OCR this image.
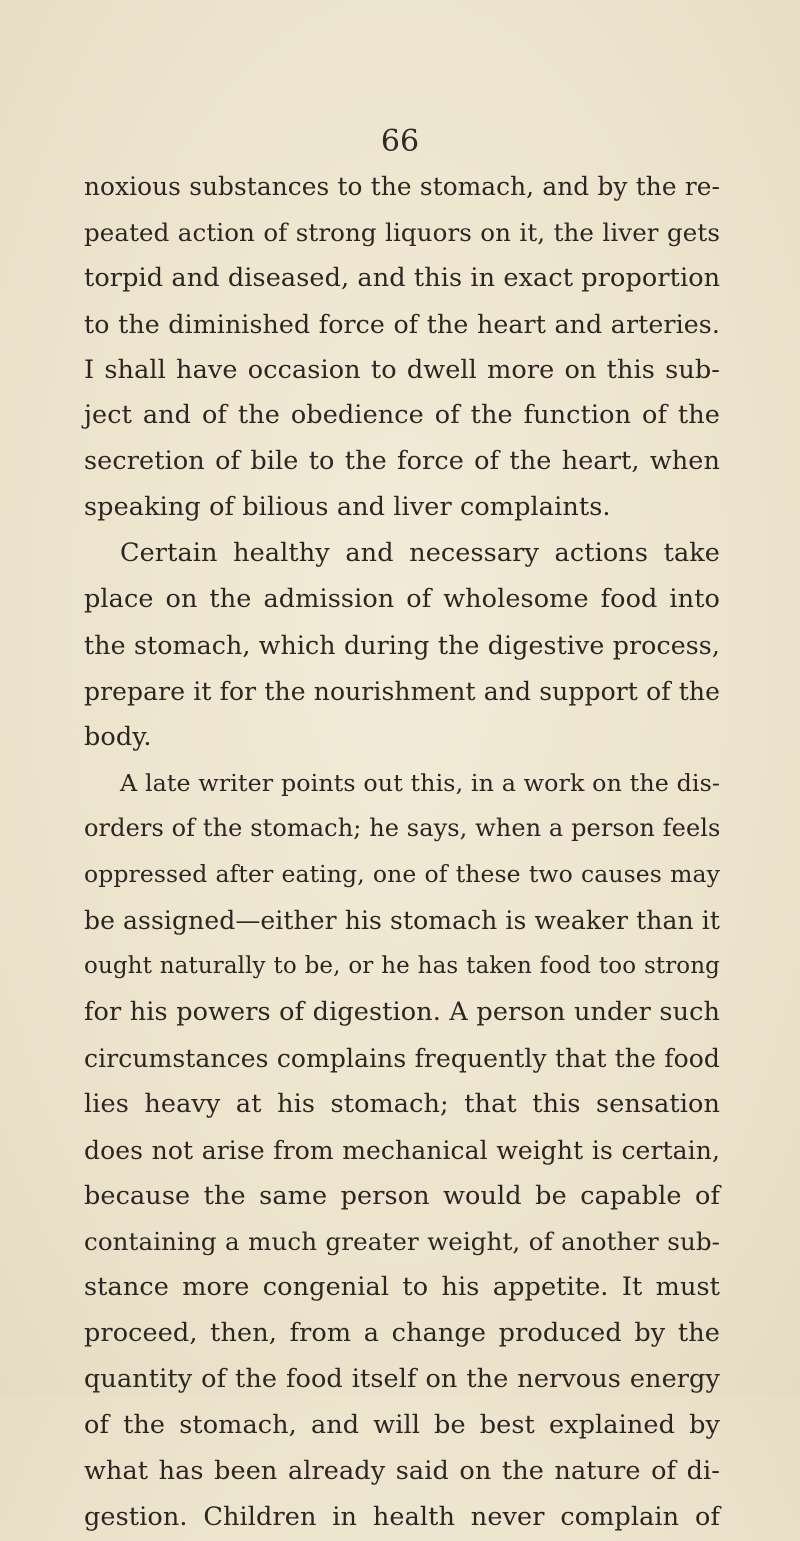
66
noxious substances to the stomach, and by the re-
peated action of strong liquors on it, the liver gets
torpid and diseased, and this in exact proportion
to the diminished force of the heart and arteries.
I shall have occasion to dwell more on this sub-
ject and of the obedience of the function of the
secretion of bile to the force of the heart, when
speaking of bilious and liver complaints.
Certain healthy and necessary actions take
place on the admission of wholesome food into
the stomach, which during the digestive process,
prepare it for the nourishment and support of the
body.
A late writer points out this, in a work on the dis-
orders of the stomach; he says, when a person feels
oppressed after eating, one of these two causes may
be assigned—either his stomach is weaker than it
ought naturally to be, or he has taken food too strong
for his powers of digestion. A person under such
circumstances complains frequently that the food
lies heavy at his stomach; that this sensation
does not arise from mechanical weight is certain,
because the same person would be capable of
containing a much greater weight, of another sub-
stance more congenial to his appetite. It must
proceed, then, from a change produced by the
quantity of the food itself on the nervous energy
of the stomach, and will be best explained by
what has been already said on the nature of di-
gestion. Children in health never complain of
